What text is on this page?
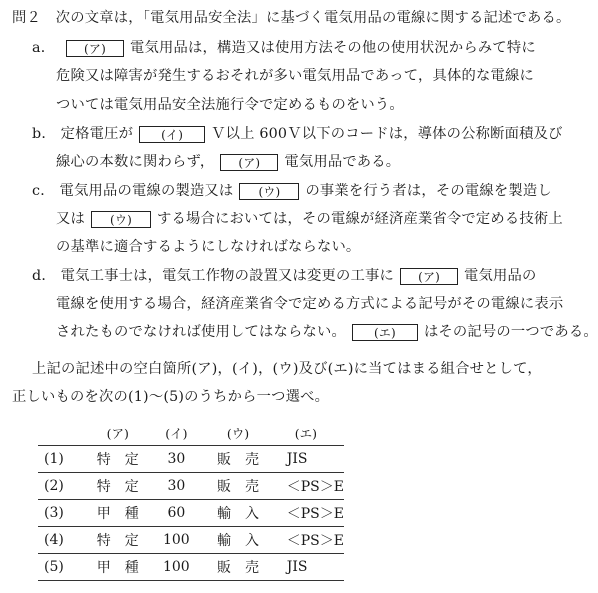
問２ 次の文章は，「電気用品安全法」に基づく電気用品の電線に関する記述である。
a． (ア) 電気用品は，構造又は使用方法その他の使用状況からみて特に
危険又は障害が発生するおそれが多い電気用品であって，具体的な電線に
ついては電気用品安全法施行令で定めるものをいう。
b． 定格電圧が (イ) Ｖ以上 600Ｖ以下のコードは，導体の公称断面積及び
線心の本数に関わらず， (ア) 電気用品である。
c． 電気用品の電線の製造又は (ウ) の事業を行う者は，その電線を製造し
又は (ウ) する場合においては，その電線が経済産業省令で定める技術上
の基準に適合するようにしなければならない。
d． 電気工事士は，電気工作物の設置又は変更の工事に (ア) 電気用品の
電線を使用する場合，経済産業省令で定める方式による記号がその電線に表示
されたものでなければ使用してはならない。 (エ) はその記号の一つである。
上記の記述中の空白箇所(ア)，(イ)，(ウ)及び(エ)に当てはまる組合せとして，
正しいものを次の(1)～(5)のうちから一つ選べ。
	(ア)	(イ)	(ウ)	(エ)
(1)	特定	30	販売	JIS
(2)	特定	30	販売	＜PS＞E
(3)	甲種	60	輸入	＜PS＞E
(4)	特定	100	輸入	＜PS＞E
(5)	甲種	100	販売	JIS
